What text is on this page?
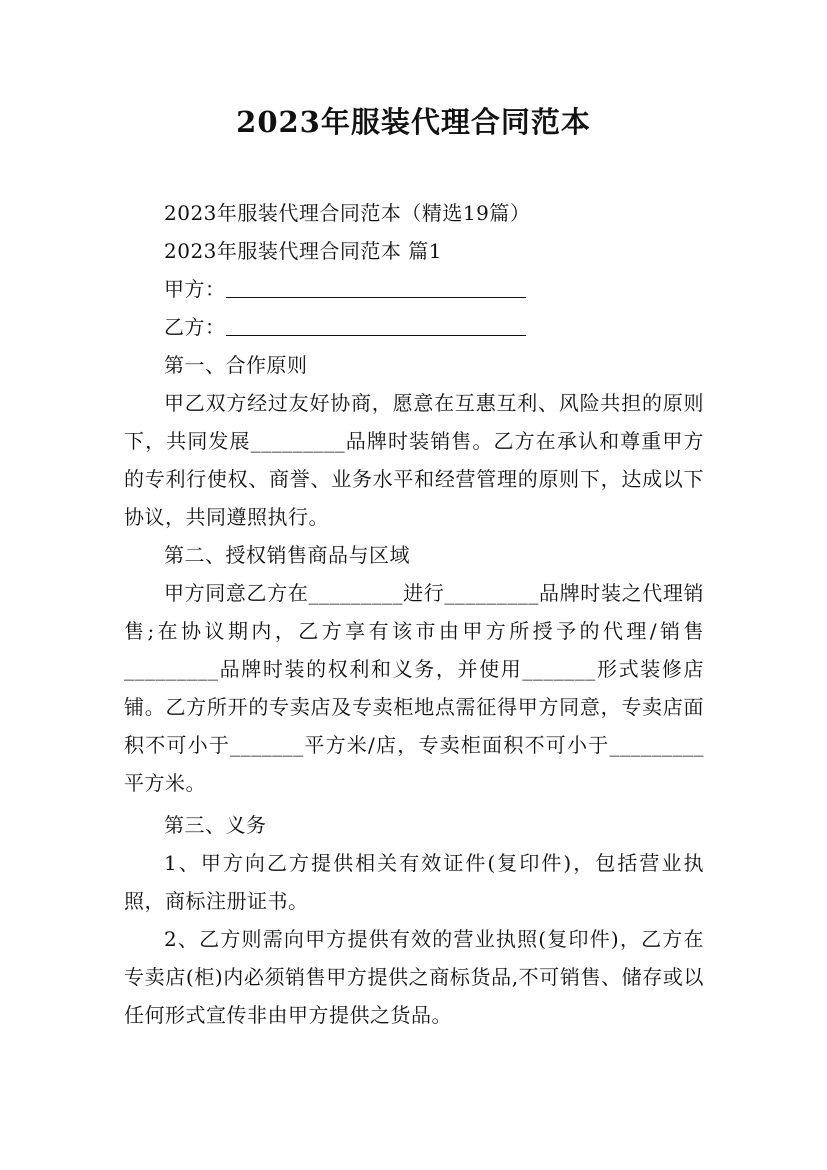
2023年服装代理合同范本

2023年服装代理合同范本（精选19篇）

2023年服装代理合同范本 篇1

甲方：

乙方：

第一、合作原则

甲乙双方经过友好协商，愿意在互惠互利、风险共担的原则下，共同发展_________品牌时装销售。乙方在承认和尊重甲方的专利行使权、商誉、业务水平和经营管理的原则下，达成以下协议，共同遵照执行。

第二、授权销售商品与区域

甲方同意乙方在_________进行_________品牌时装之代理销售;在协议期内，乙方享有该市由甲方所授予的代理/销售_________品牌时装的权利和义务，并使用_______形式装修店铺。乙方所开的专卖店及专卖柜地点需征得甲方同意，专卖店面积不可小于_______平方米/店，专卖柜面积不可小于_________平方米。

第三、义务

1、甲方向乙方提供相关有效证件(复印件)，包括营业执照，商标注册证书。

2、乙方则需向甲方提供有效的营业执照(复印件)，乙方在专卖店(柜)内必须销售甲方提供之商标货品,不可销售、储存或以任何形式宣传非由甲方提供之货品。
